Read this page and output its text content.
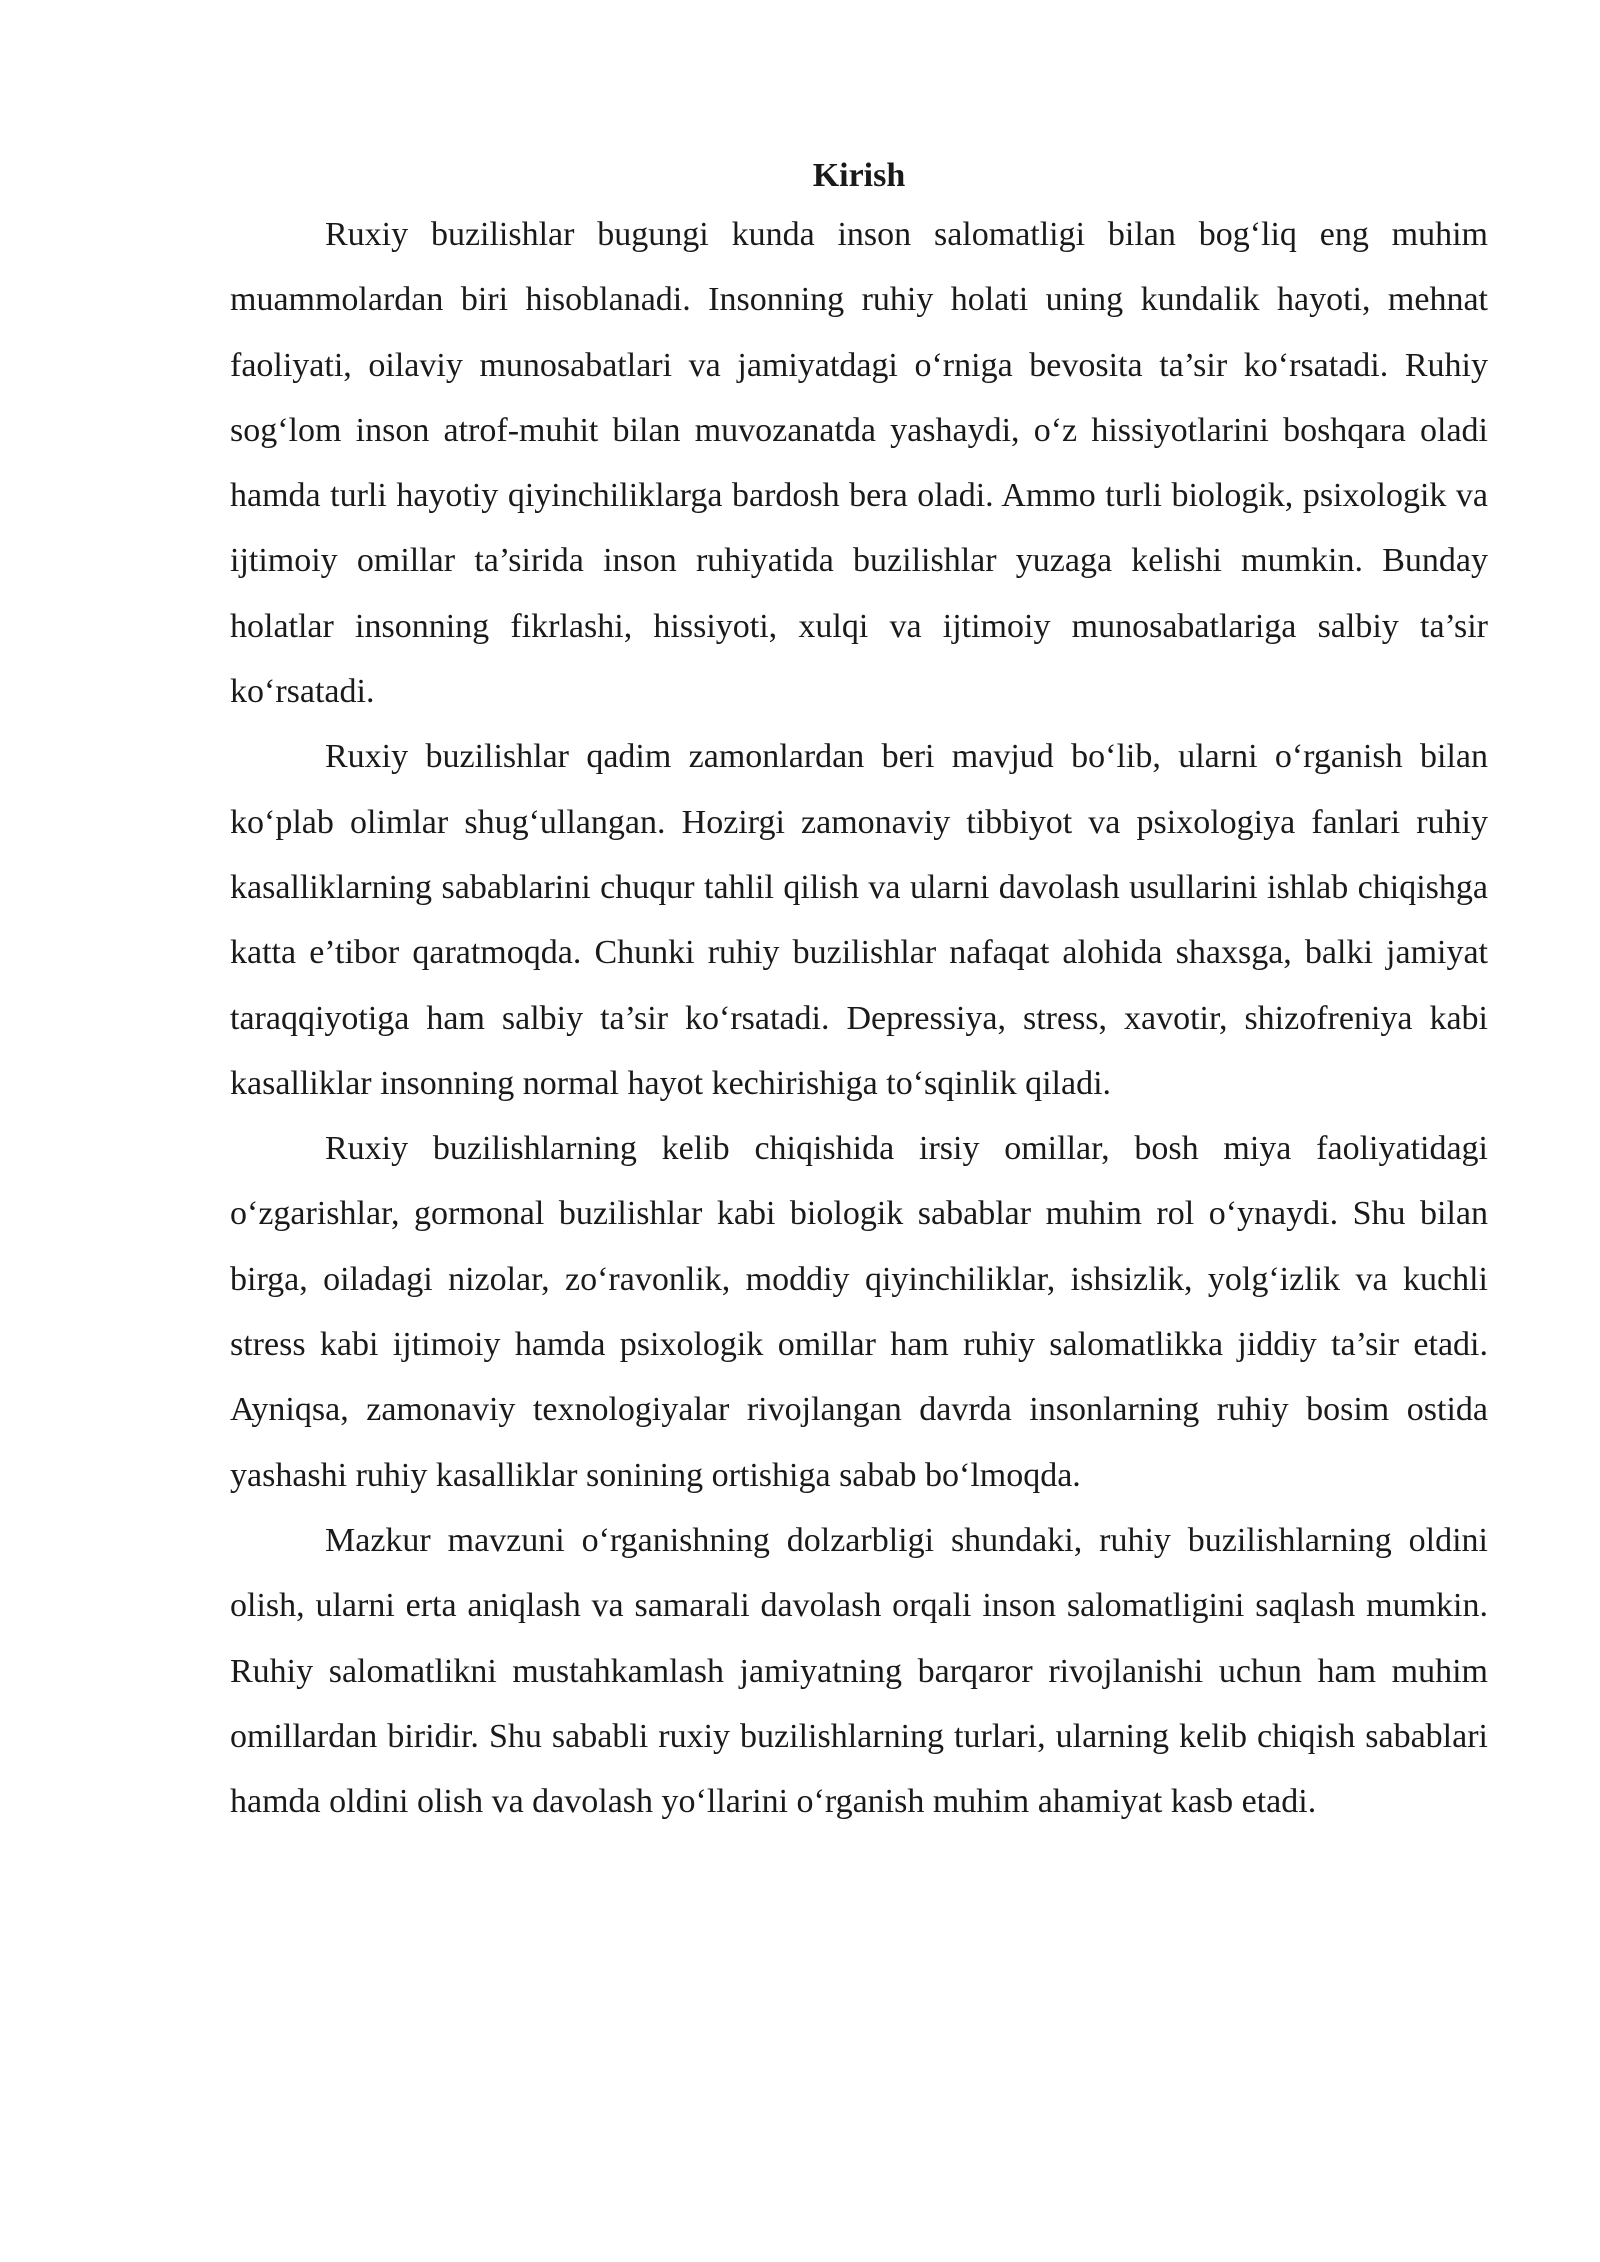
Kirish

Ruxiy buzilishlar bugungi kunda inson salomatligi bilan bog‘liq eng muhim muammolardan biri hisoblanadi. Insonning ruhiy holati uning kundalik hayoti, mehnat faoliyati, oilaviy munosabatlari va jamiyatdagi o‘rniga bevosita ta’sir ko‘rsatadi. Ruhiy sog‘lom inson atrof-muhit bilan muvozanatda yashaydi, o‘z hissiyotlarini boshqara oladi hamda turli hayotiy qiyinchiliklarga bardosh bera oladi. Ammo turli biologik, psixologik va ijtimoiy omillar ta’sirida inson ruhiyatida buzilishlar yuzaga kelishi mumkin. Bunday holatlar insonning fikrlashi, hissiyoti, xulqi va ijtimoiy munosabatlariga salbiy ta’sir ko‘rsatadi.

Ruxiy buzilishlar qadim zamonlardan beri mavjud bo‘lib, ularni o‘rganish bilan ko‘plab olimlar shug‘ullangan. Hozirgi zamonaviy tibbiyot va psixologiya fanlari ruhiy kasalliklarning sabablarini chuqur tahlil qilish va ularni davolash usullarini ishlab chiqishga katta e’tibor qaratmoqda. Chunki ruhiy buzilishlar nafaqat alohida shaxsga, balki jamiyat taraqqiyotiga ham salbiy ta’sir ko‘rsatadi. Depressiya, stress, xavotir, shizofreniya kabi kasalliklar insonning normal hayot kechirishiga to‘sqinlik qiladi.

Ruxiy buzilishlarning kelib chiqishida irsiy omillar, bosh miya faoliyatidagi o‘zgarishlar, gormonal buzilishlar kabi biologik sabablar muhim rol o‘ynaydi. Shu bilan birga, oiladagi nizolar, zo‘ravonlik, moddiy qiyinchiliklar, ishsizlik, yolg‘izlik va kuchli stress kabi ijtimoiy hamda psixologik omillar ham ruhiy salomatlikka jiddiy ta’sir etadi. Ayniqsa, zamonaviy texnologiyalar rivojlangan davrda insonlarning ruhiy bosim ostida yashashi ruhiy kasalliklar sonining ortishiga sabab bo‘lmoqda.

Mazkur mavzuni o‘rganishning dolzarbligi shundaki, ruhiy buzilishlarning oldini olish, ularni erta aniqlash va samarali davolash orqali inson salomatligini saqlash mumkin. Ruhiy salomatlikni mustahkamlash jamiyatning barqaror rivojlanishi uchun ham muhim omillardan biridir. Shu sababli ruxiy buzilishlarning turlari, ularning kelib chiqish sabablari hamda oldini olish va davolash yo‘llarini o‘rganish muhim ahamiyat kasb etadi.
